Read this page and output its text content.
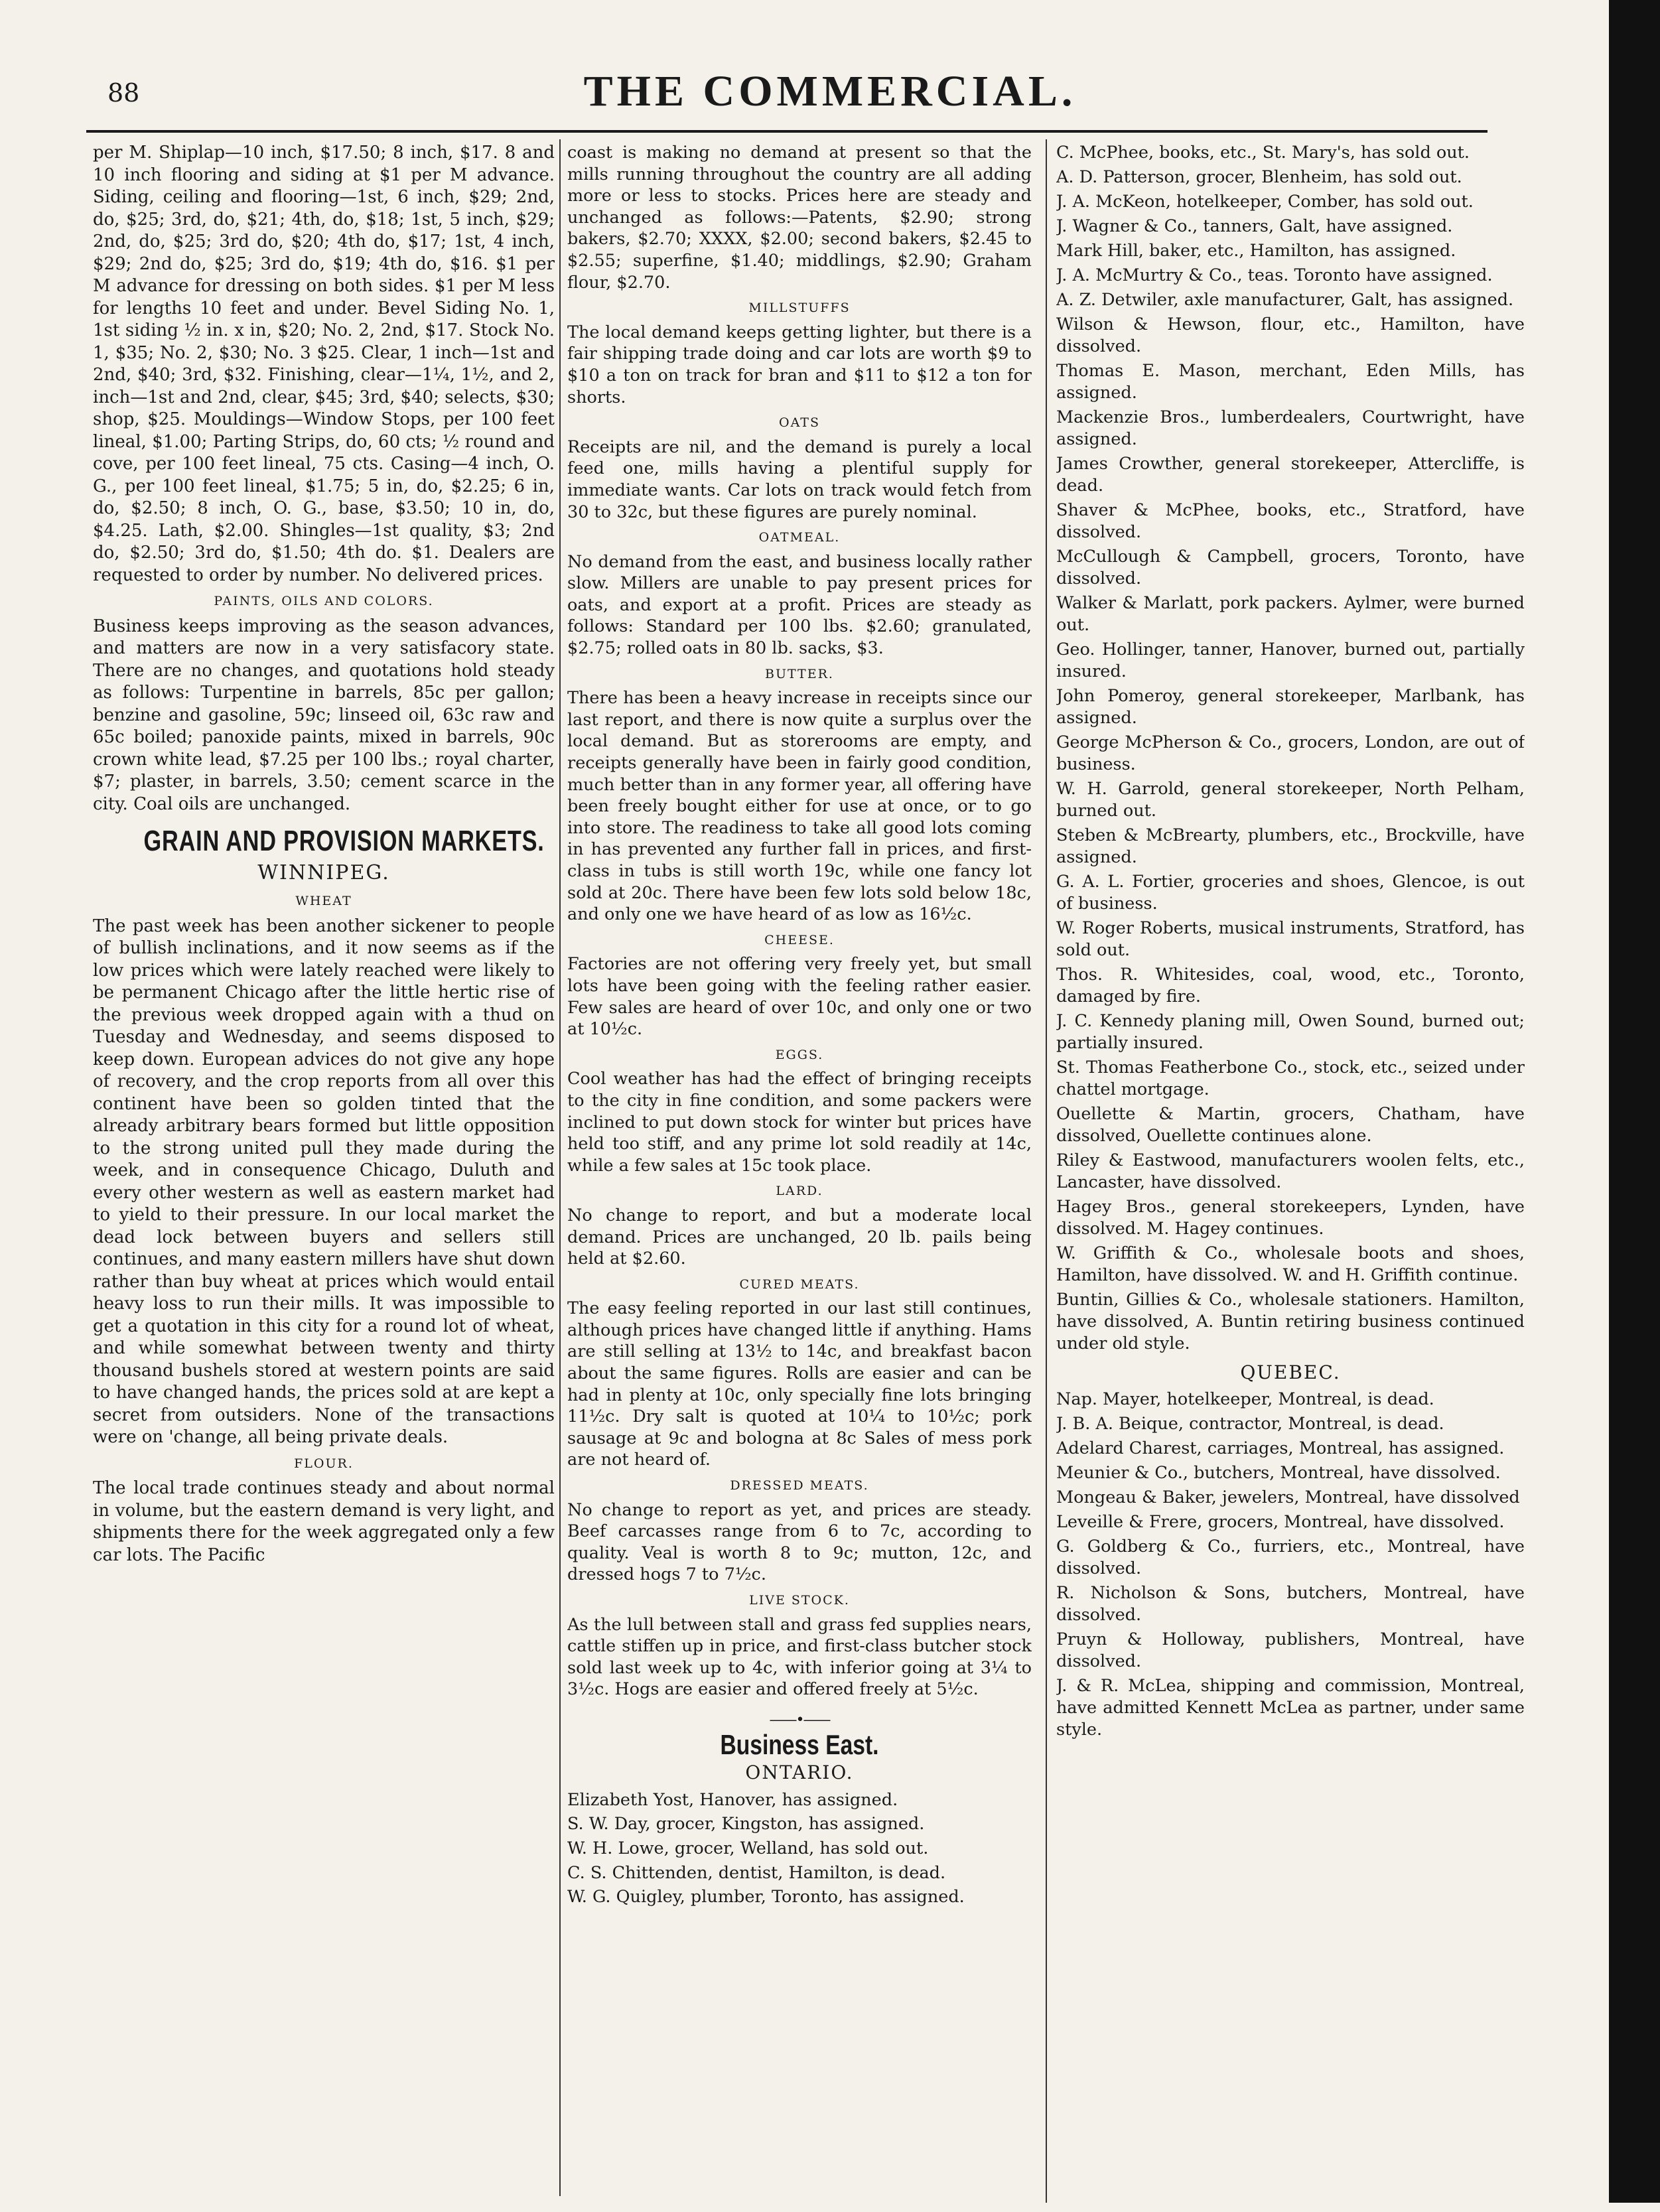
88	THE COMMERCIAL.

per M. Shiplap—10 inch, $17.50; 8 inch, $17. 8 and 10 inch flooring and siding at $1 per M advance. Siding, ceiling and flooring—1st, 6 inch, $29; 2nd, do, $25; 3rd, do, $21; 4th, do, $18; 1st, 5 inch, $29; 2nd, do, $25; 3rd do, $20; 4th do, $17; 1st, 4 inch, $29; 2nd do, $25; 3rd do, $19; 4th do, $16. $1 per M advance for dressing on both sides. $1 per M less for lengths 10 feet and under. Bevel Siding No. 1, 1st siding ½ in. x in, $20; No. 2, 2nd, $17. Stock No. 1, $35; No. 2, $30; No. 3 $25. Clear, 1 inch—1st and 2nd, $40; 3rd, $32. Finishing, clear—1¼, 1½, and 2, inch—1st and 2nd, clear, $45; 3rd, $40; selects, $30; shop, $25. Mouldings—Window Stops, per 100 feet lineal, $1.00; Parting Strips, do, 60 cts; ½ round and cove, per 100 feet lineal, 75 cts. Casing—4 inch, O. G., per 100 feet lineal, $1.75; 5 in, do, $2.25; 6 in, do, $2.50; 8 inch, O. G., base, $3.50; 10 in, do, $4.25. Lath, $2.00. Shingles—1st quality, $3; 2nd do, $2.50; 3rd do, $1.50; 4th do. $1. Dealers are requested to order by number. No delivered prices.

PAINTS, OILS AND COLORS.

Business keeps improving as the season advances, and matters are now in a very satisfacory state. There are no changes, and quotations hold steady as follows: Turpentine in barrels, 85c per gallon; benzine and gasoline, 59c; linseed oil, 63c raw and 65c boiled; panoxide paints, mixed in barrels, 90c crown white lead, $7.25 per 100 lbs.; royal charter, $7; plaster, in barrels, 3.50; cement scarce in the city. Coal oils are unchanged.

GRAIN AND PROVISION MARKETS.
WINNIPEG.
WHEAT

The past week has been another sickener to people of bullish inclinations, and it now seems as if the low prices which were lately reached were likely to be permanent Chicago after the little hertic rise of the previous week dropped again with a thud on Tuesday and Wednesday, and seems disposed to keep down. European advices do not give any hope of recovery, and the crop reports from all over this continent have been so golden tinted that the already arbitrary bears formed but little opposition to the strong united pull they made during the week, and in consequence Chicago, Duluth and every other western as well as eastern market had to yield to their pressure. In our local market the dead lock between buyers and sellers still continues, and many eastern millers have shut down rather than buy wheat at prices which would entail heavy loss to run their mills. It was impossible to get a quotation in this city for a round lot of wheat, and while somewhat between twenty and thirty thousand bushels stored at western points are said to have changed hands, the prices sold at are kept a secret from outsiders. None of the transactions were on 'change, all being private deals.

FLOUR.

The local trade continues steady and about normal in volume, but the eastern demand is very light, and shipments there for the week aggregated only a few car lots. The Pacific

coast is making no demand at present so that the mills running throughout the country are all adding more or less to stocks. Prices here are steady and unchanged as follows:—Patents, $2.90; strong bakers, $2.70; XXXX, $2.00; second bakers, $2.45 to $2.55; superfine, $1.40; middlings, $2.90; Graham flour, $2.70.

MILLSTUFFS

The local demand keeps getting lighter, but there is a fair shipping trade doing and car lots are worth $9 to $10 a ton on track for bran and $11 to $12 a ton for shorts.

OATS

Receipts are nil, and the demand is purely a local feed one, mills having a plentiful supply for immediate wants. Car lots on track would fetch from 30 to 32c, but these figures are purely nominal.

OATMEAL.

No demand from the east, and business locally rather slow. Millers are unable to pay present prices for oats, and export at a profit. Prices are steady as follows: Standard per 100 lbs. $2.60; granulated, $2.75; rolled oats in 80 lb. sacks, $3.

BUTTER.

There has been a heavy increase in receipts since our last report, and there is now quite a surplus over the local demand. But as storerooms are empty, and receipts generally have been in fairly good condition, much better than in any former year, all offering have been freely bought either for use at once, or to go into store. The readiness to take all good lots coming in has prevented any further fall in prices, and first-class in tubs is still worth 19c, while one fancy lot sold at 20c. There have been few lots sold below 18c, and only one we have heard of as low as 16½c.

CHEESE.

Factories are not offering very freely yet, but small lots have been going with the feeling rather easier. Few sales are heard of over 10c, and only one or two at 10½c.

EGGS.

Cool weather has had the effect of bringing receipts to the city in fine condition, and some packers were inclined to put down stock for winter but prices have held too stiff, and any prime lot sold readily at 14c, while a few sales at 15c took place.

LARD.

No change to report, and but a moderate local demand. Prices are unchanged, 20 lb. pails being held at $2.60.

CURED MEATS.

The easy feeling reported in our last still continues, although prices have changed little if anything. Hams are still selling at 13½ to 14c, and breakfast bacon about the same figures. Rolls are easier and can be had in plenty at 10c, only specially fine lots bringing 11½c. Dry salt is quoted at 10¼ to 10½c; pork sausage at 9c and bologna at 8c Sales of mess pork are not heard of.

DRESSED MEATS.

No change to report as yet, and prices are steady. Beef carcasses range from 6 to 7c, according to quality. Veal is worth 8 to 9c; mutton, 12c, and dressed hogs 7 to 7½c.

LIVE STOCK.

As the lull between stall and grass fed supplies nears, cattle stiffen up in price, and first-class butcher stock sold last week up to 4c, with inferior going at 3¼ to 3½c. Hogs are easier and offered freely at 5½c.

——•——
Business East.
ONTARIO.

Elizabeth Yost, Hanover, has assigned.

S. W. Day, grocer, Kingston, has assigned.

W. H. Lowe, grocer, Welland, has sold out.

C. S. Chittenden, dentist, Hamilton, is dead.

W. G. Quigley, plumber, Toronto, has assigned.

C. McPhee, books, etc., St. Mary's, has sold out.

A. D. Patterson, grocer, Blenheim, has sold out.

J. A. McKeon, hotelkeeper, Comber, has sold out.

J. Wagner & Co., tanners, Galt, have assigned.

Mark Hill, baker, etc., Hamilton, has assigned.

J. A. McMurtry & Co., teas. Toronto have assigned.

A. Z. Detwiler, axle manufacturer, Galt, has assigned.

Wilson & Hewson, flour, etc., Hamilton, have dissolved.

Thomas E. Mason, merchant, Eden Mills, has assigned.

Mackenzie Bros., lumberdealers, Courtwright, have assigned.

James Crowther, general storekeeper, Attercliffe, is dead.

Shaver & McPhee, books, etc., Stratford, have dissolved.

McCullough & Campbell, grocers, Toronto, have dissolved.

Walker & Marlatt, pork packers. Aylmer, were burned out.

Geo. Hollinger, tanner, Hanover, burned out, partially insured.

John Pomeroy, general storekeeper, Marlbank, has assigned.

George McPherson & Co., grocers, London, are out of business.

W. H. Garrold, general storekeeper, North Pelham, burned out.

Steben & McBrearty, plumbers, etc., Brockville, have assigned.

G. A. L. Fortier, groceries and shoes, Glencoe, is out of business.

W. Roger Roberts, musical instruments, Stratford, has sold out.

Thos. R. Whitesides, coal, wood, etc., Toronto, damaged by fire.

J. C. Kennedy planing mill, Owen Sound, burned out; partially insured.

St. Thomas Featherbone Co., stock, etc., seized under chattel mortgage.

Ouellette & Martin, grocers, Chatham, have dissolved, Ouellette continues alone.

Riley & Eastwood, manufacturers woolen felts, etc., Lancaster, have dissolved.

Hagey Bros., general storekeepers, Lynden, have dissolved. M. Hagey continues.

W. Griffith & Co., wholesale boots and shoes, Hamilton, have dissolved. W. and H. Griffith continue.

Buntin, Gillies & Co., wholesale stationers. Hamilton, have dissolved, A. Buntin retiring business continued under old style.

QUEBEC.

Nap. Mayer, hotelkeeper, Montreal, is dead.

J. B. A. Beique, contractor, Montreal, is dead.

Adelard Charest, carriages, Montreal, has assigned.

Meunier & Co., butchers, Montreal, have dissolved.

Mongeau & Baker, jewelers, Montreal, have dissolved

Leveille & Frere, grocers, Montreal, have dissolved.

G. Goldberg & Co., furriers, etc., Montreal, have dissolved.

R. Nicholson & Sons, butchers, Montreal, have dissolved.

Pruyn & Holloway, publishers, Montreal, have dissolved.

J. & R. McLea, shipping and commission, Montreal, have admitted Kennett McLea as partner, under same style.
